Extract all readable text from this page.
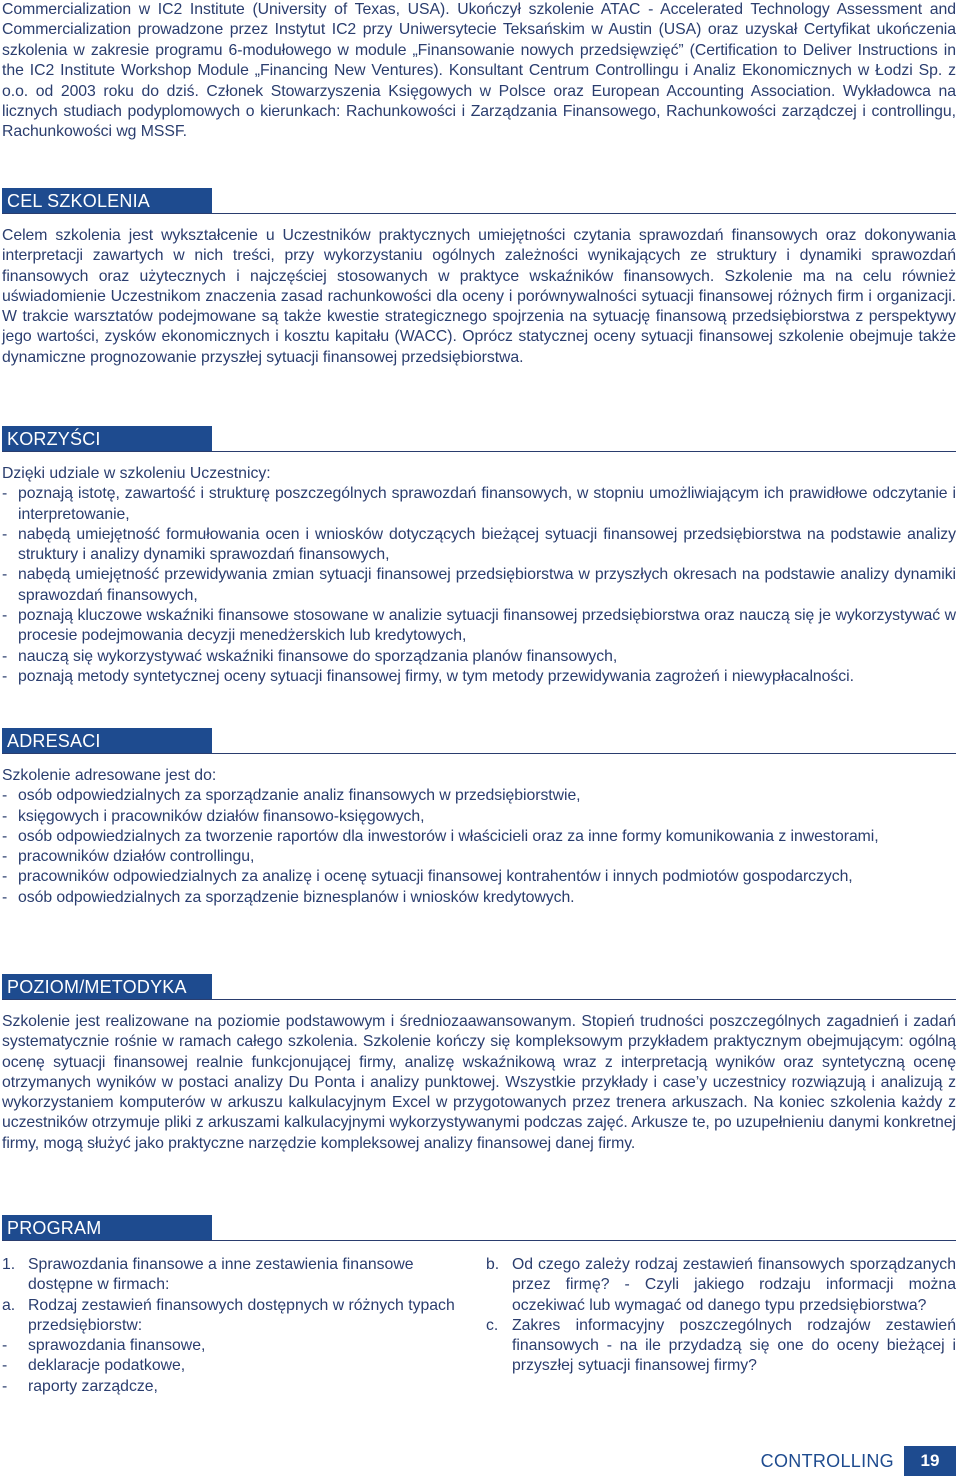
Commercialization w IC2 Institute (University of Texas, USA). Ukończył szkolenie ATAC - Accelerated Technology Assessment and Commercialization prowadzone przez Instytut IC2 przy Uniwersytecie Teksańskim w Austin (USA) oraz uzyskał Certyfikat ukończenia szkolenia w zakresie programu 6-modułowego w module „Finansowanie nowych przedsięwzięć” (Certification to Deliver Instructions in the IC2 Institute Workshop Module „Financing New Ventures). Konsultant Centrum Controllingu i Analiz Ekonomicznych w Łodzi Sp. z o.o. od 2003 roku do dziś. Członek Stowarzyszenia Księgowych w Polsce oraz European Accounting Association. Wykładowca na licznych studiach podyplomowych o kierunkach: Rachunkowości i Zarządzania Finansowego, Rachunkowości zarządczej i controllingu, Rachunkowości wg MSSF.

CEL SZKOLENIA

Celem szkolenia jest wykształcenie u Uczestników praktycznych umiejętności czytania sprawozdań finansowych oraz dokonywania interpretacji zawartych w nich treści, przy wykorzystaniu ogólnych zależności wynikających ze struktury i dynamiki sprawozdań finansowych oraz użytecznych i najczęściej stosowanych w praktyce wskaźników finansowych. Szkolenie ma na celu również uświadomienie Uczestnikom znaczenia zasad rachunkowości dla oceny i porównywalności sytuacji finansowej różnych firm i organizacji. W trakcie warsztatów podejmowane są także kwestie strategicznego spojrzenia na sytuację finansową przedsiębiorstwa z perspektywy jego wartości, zysków ekonomicznych i kosztu kapitału (WACC). Oprócz statycznej oceny sytuacji finansowej szkolenie obejmuje także dynamiczne prognozowanie przyszłej sytuacji finansowej przedsiębiorstwa.

KORZYŚCI

Dzięki udziale w szkoleniu Uczestnicy:

- poznają istotę, zawartość i strukturę poszczególnych sprawozdań finansowych, w stopniu umożliwiającym ich prawidłowe odczytanie i interpretowanie,
- nabędą umiejętność formułowania ocen i wniosków dotyczących bieżącej sytuacji finansowej przedsiębiorstwa na podstawie analizy struktury i analizy dynamiki sprawozdań finansowych,
- nabędą umiejętność przewidywania zmian sytuacji finansowej przedsiębiorstwa w przyszłych okresach na podstawie analizy dynamiki sprawozdań finansowych,
- poznają kluczowe wskaźniki finansowe stosowane w analizie sytuacji finansowej przedsiębiorstwa oraz nauczą się je wykorzystywać w procesie podejmowania decyzji menedżerskich lub kredytowych,
- nauczą się wykorzystywać wskaźniki finansowe do sporządzania planów finansowych,
- poznają metody syntetycznej oceny sytuacji finansowej firmy, w tym metody przewidywania zagrożeń i niewypłacalności.
ADRESACI

Szkolenie adresowane jest do:

- osób odpowiedzialnych za sporządzanie analiz finansowych w przedsiębiorstwie,
- księgowych i pracowników działów finansowo-księgowych,
- osób odpowiedzialnych za tworzenie raportów dla inwestorów i właścicieli oraz za inne formy komunikowania z inwestorami,
- pracowników działów controllingu,
- pracowników odpowiedzialnych za analizę i ocenę sytuacji finansowej kontrahentów i innych podmiotów gospodarczych,
- osób odpowiedzialnych za sporządzenie biznesplanów i wniosków kredytowych.
POZIOM/METODYKA

Szkolenie jest realizowane na poziomie podstawowym i średniozaawansowanym. Stopień trudności poszczególnych zagadnień i zadań systematycznie rośnie w ramach całego szkolenia. Szkolenie kończy się kompleksowym przykładem praktycznym obejmującym: ogólną ocenę sytuacji finansowej realnie funkcjonującej firmy, analizę wskaźnikową wraz z interpretacją wyników oraz syntetyczną ocenę otrzymanych wyników w postaci analizy Du Ponta i analizy punktowej. Wszystkie przykłady i case’y uczestnicy rozwiązują i analizują z wykorzystaniem komputerów w arkuszu kalkulacyjnym Excel w przygotowanych przez trenera arkuszach. Na koniec szkolenia każdy z uczestników otrzymuje pliki z arkuszami kalkulacyjnymi wykorzystywanymi podczas zajęć. Arkusze te, po uzupełnieniu danymi konkretnej firmy, mogą służyć jako praktyczne narzędzie kompleksowej analizy finansowej danej firmy.

PROGRAM
1. Sprawozdania finansowe a inne zestawienia finansowe dostępne w firmach:
a. Rodzaj zestawień finansowych dostępnych w różnych typach przedsiębiorstw:
- sprawozdania finansowe,
- deklaracje podatkowe,
- raporty zarządcze,
b. Od czego zależy rodzaj zestawień finansowych sporządzanych przez firmę? - Czyli jakiego rodzaju informacji można oczekiwać lub wymagać od danego typu przedsiębiorstwa?
c. Zakres informacyjny poszczególnych rodzajów zestawień finansowych - na ile przydadzą się one do oceny bieżącej i przyszłej sytuacji finansowej firmy?
CONTROLLING	19
